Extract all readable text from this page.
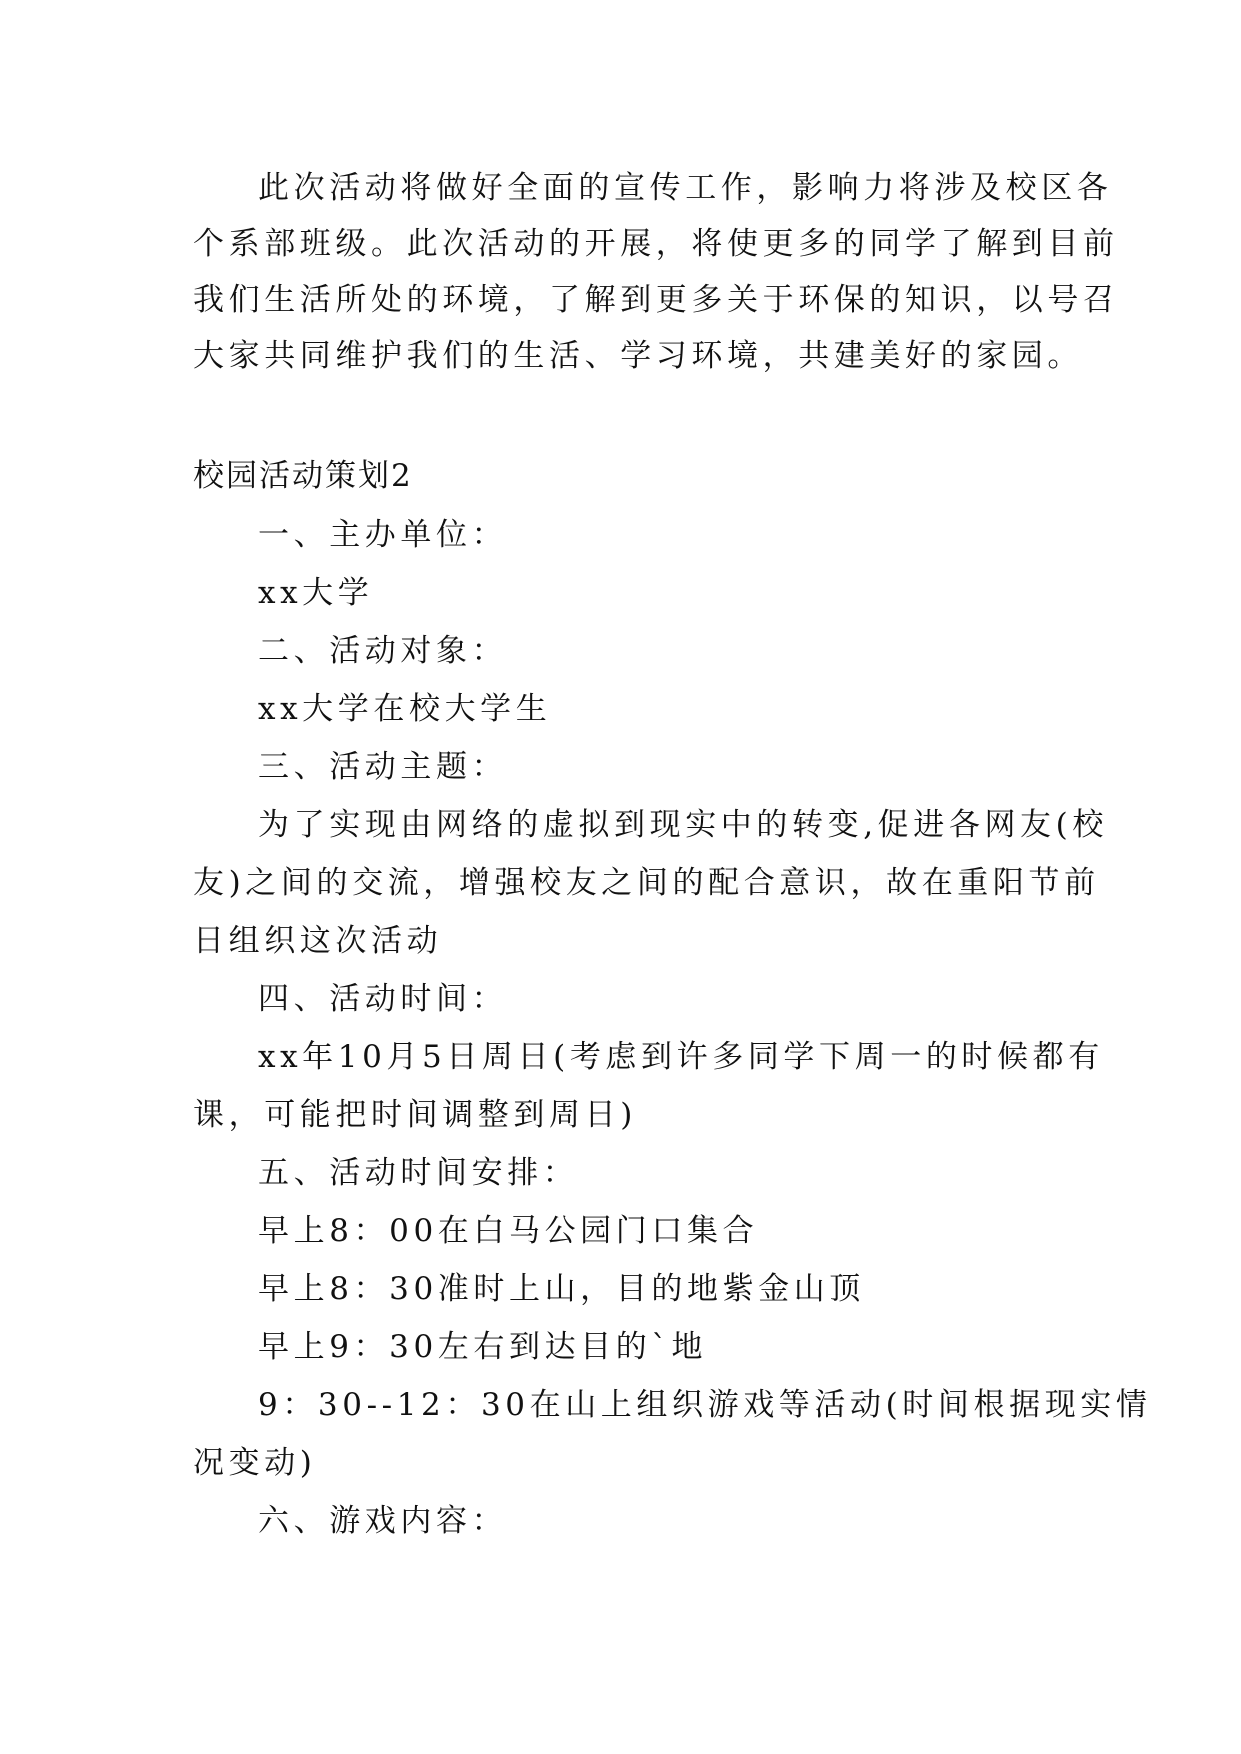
此次活动将做好全面的宣传工作，影响力将涉及校区各
个系部班级。此次活动的开展，将使更多的同学了解到目前
我们生活所处的环境，了解到更多关于环保的知识，以号召
大家共同维护我们的生活、学习环境，共建美好的家园。
校园活动策划2
一、主办单位：
xx大学
二、活动对象：
xx大学在校大学生
三、活动主题：
为了实现由网络的虚拟到现实中的转变,促进各网友(校
友)之间的交流，增强校友之间的配合意识，故在重阳节前
日组织这次活动
四、活动时间：
xx年10月5日周日(考虑到许多同学下周一的时候都有
课，可能把时间调整到周日)
五、活动时间安排：
早上8：00在白马公园门口集合
早上8：30准时上山，目的地紫金山顶
早上9：30左右到达目的`地
9：30--12：30在山上组织游戏等活动(时间根据现实情
况变动)
六、游戏内容：
